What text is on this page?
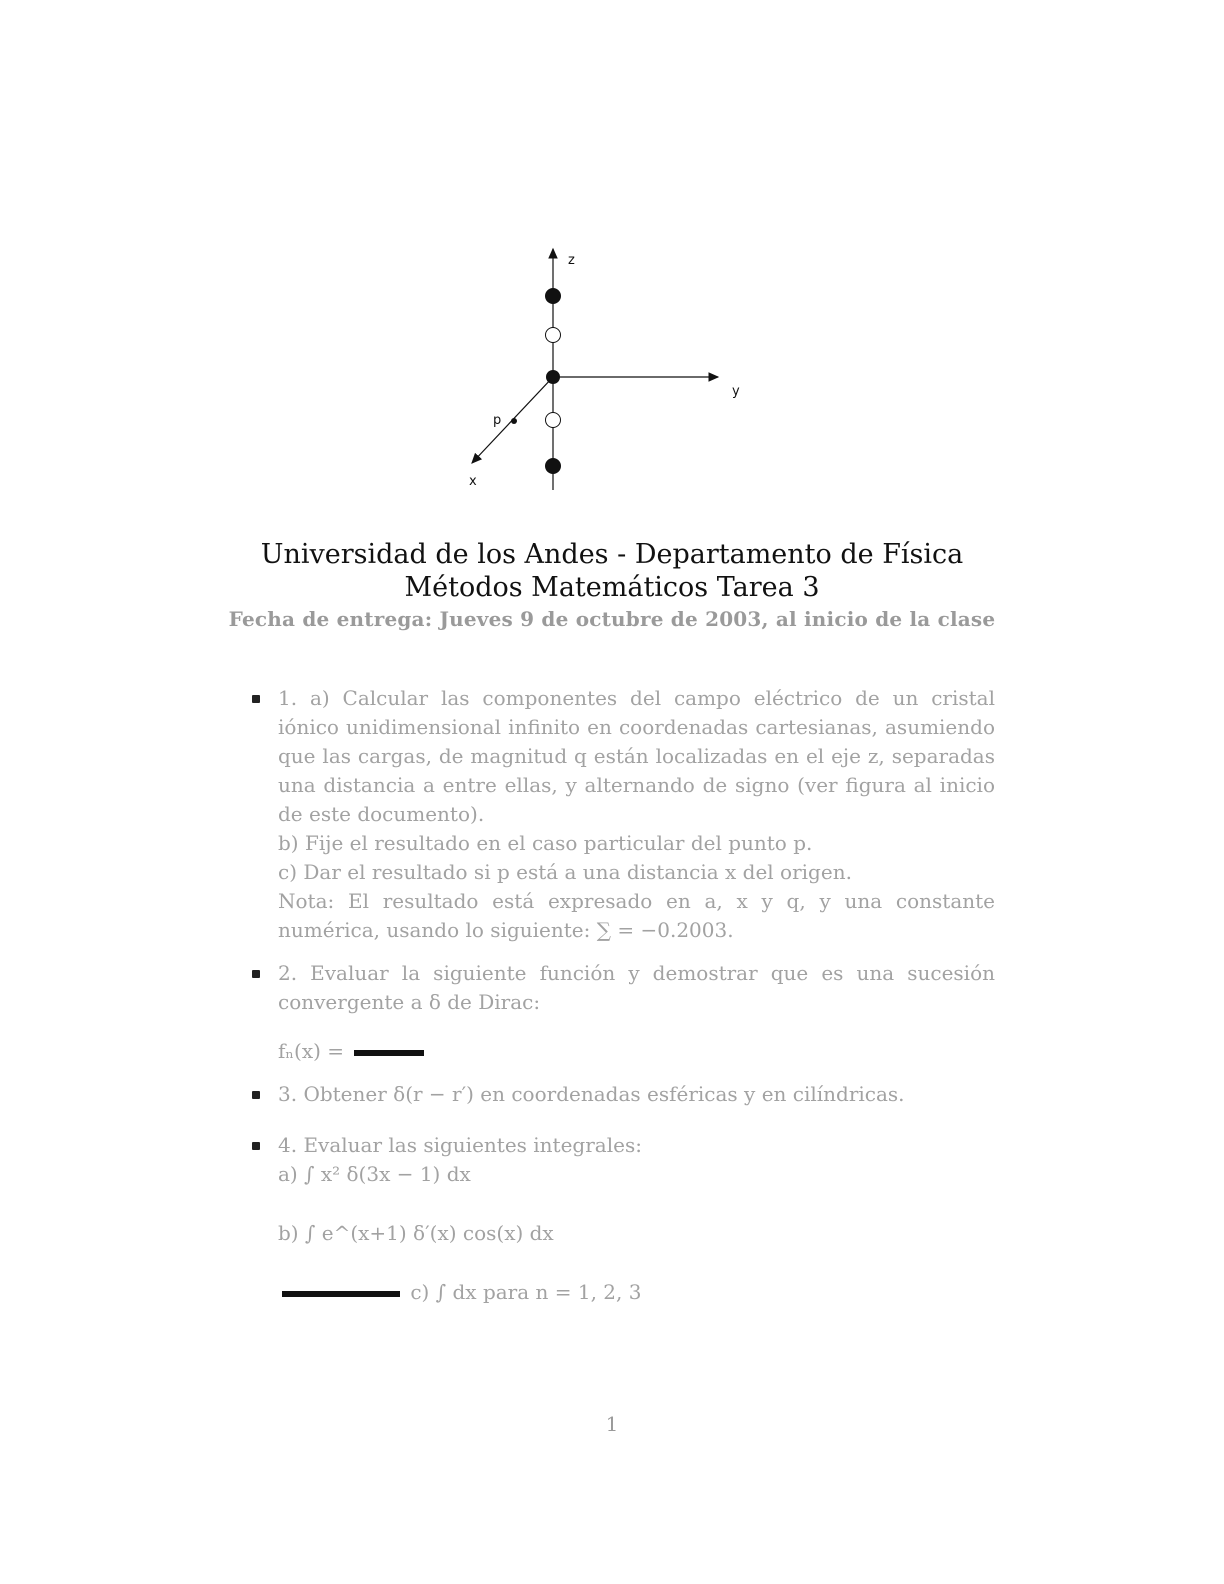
z
y
x
p
Universidad de los Andes - Departamento de Física
Métodos Matemáticos Tarea 3
Fecha de entrega: Jueves 9 de octubre de 2003, al inicio de la clase

1. a) Calcular las componentes del campo eléctrico de un cristal iónico unidimensional infinito en coordenadas cartesianas, asumiendo que las cargas, de magnitud q están localizadas en el eje z, separadas una distancia a entre ellas, y alternando de signo (ver figura al inicio de este documento).

b) Fije el resultado en el caso particular del punto p.

c) Dar el resultado si p está a una distancia x del origen.

Nota: El resultado está expresado en a, x y q, y una constante numérica, usando lo siguiente: ∑ = −0.2003.

2. Evaluar la siguiente función y demostrar que es una sucesión convergente a δ de Dirac:

fₙ(x) =

3. Obtener δ(r − r′) en coordenadas esféricas y en cilíndricas.

4. Evaluar las siguientes integrales:

a) ∫ x² δ(3x − 1) dx

b) ∫ e^(x+1) δ′(x) cos(x) dx

c) ∫ dx para n = 1, 2, 3
1
